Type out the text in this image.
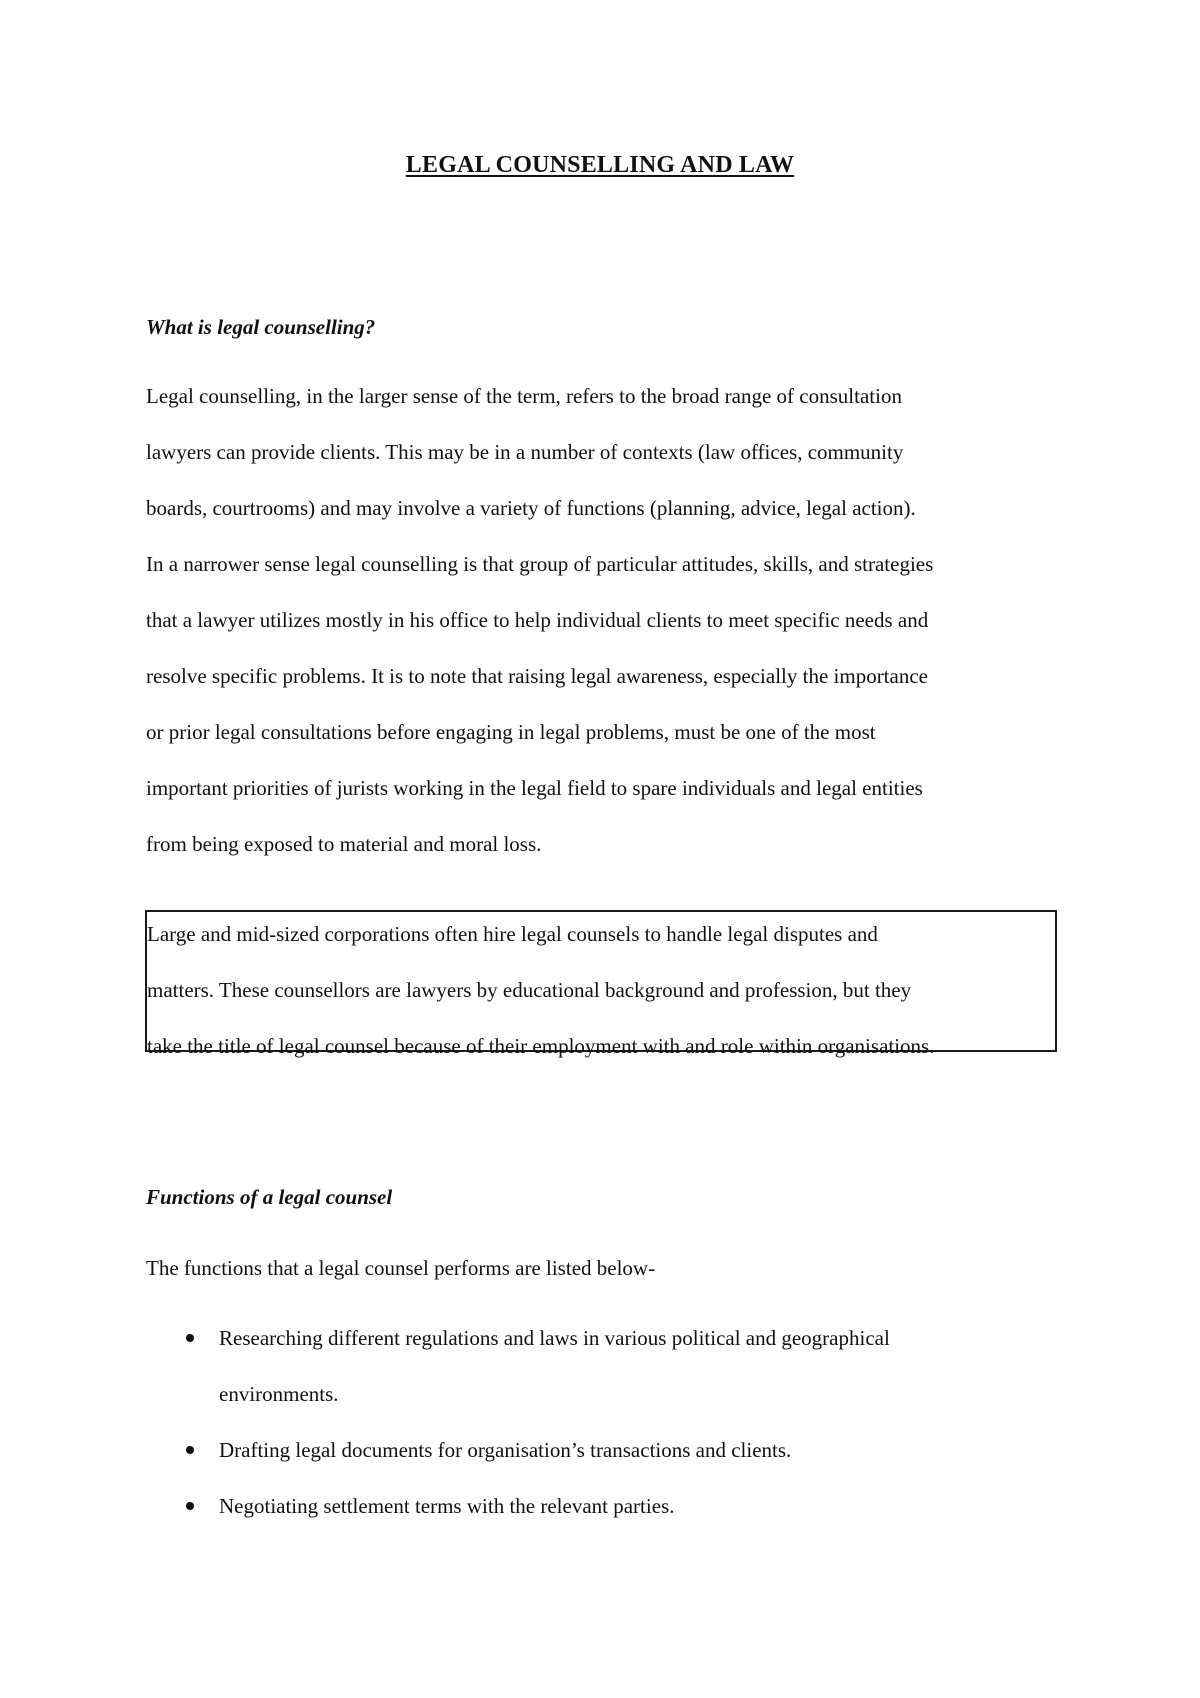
LEGAL COUNSELLING AND LAW
What is legal counselling?
Legal counselling, in the larger sense of the term, refers to the broad range of consultation
lawyers can provide clients. This may be in a number of contexts (law offices, community
boards, courtrooms) and may involve a variety of functions (planning, advice, legal action).
In a narrower sense legal counselling is that group of particular attitudes, skills, and strategies
that a lawyer utilizes mostly in his office to help individual clients to meet specific needs and
resolve specific problems. It is to note that raising legal awareness, especially the importance
or prior legal consultations before engaging in legal problems, must be one of the most
important priorities of jurists working in the legal field to spare individuals and legal entities
from being exposed to material and moral loss.
Large and mid-sized corporations often hire legal counsels to handle legal disputes and
matters. These counsellors are lawyers by educational background and profession, but they
take the title of legal counsel because of their employment with and role within organisations.
Functions of a legal counsel
The functions that a legal counsel performs are listed below-
Researching different regulations and laws in various political and geographical
environments.
Drafting legal documents for organisation’s transactions and clients.
Negotiating settlement terms with the relevant parties.
